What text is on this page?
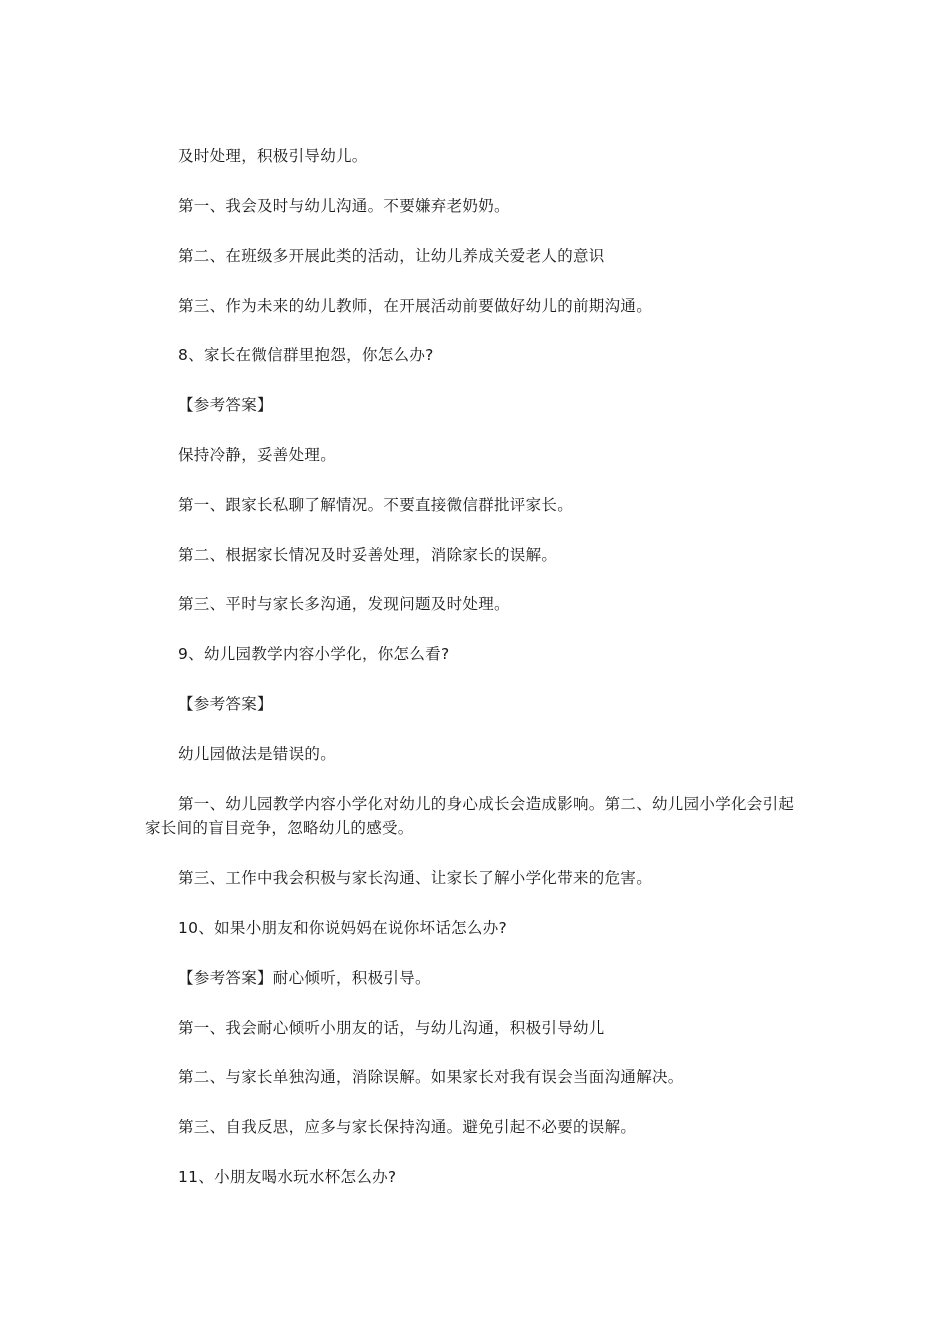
及时处理，积极引导幼儿。

第一、我会及时与幼儿沟通。不要嫌弃老奶奶。

第二、在班级多开展此类的活动，让幼儿养成关爱老人的意识

第三、作为未来的幼儿教师，在开展活动前要做好幼儿的前期沟通。

8、家长在微信群里抱怨，你怎么办?

【参考答案】

保持冷静，妥善处理。

第一、跟家长私聊了解情况。不要直接微信群批评家长。

第二、根据家长情况及时妥善处理，消除家长的误解。

第三、平时与家长多沟通，发现问题及时处理。

9、幼儿园教学内容小学化，你怎么看?

【参考答案】

幼儿园做法是错误的。

第一、幼儿园教学内容小学化对幼儿的身心成长会造成影响。第二、幼儿园小学化会引起家长间的盲目竞争，忽略幼儿的感受。

第三、工作中我会积极与家长沟通、让家长了解小学化带来的危害。

10、如果小朋友和你说妈妈在说你坏话怎么办?

【参考答案】耐心倾听，积极引导。

第一、我会耐心倾听小朋友的话，与幼儿沟通，积极引导幼儿

第二、与家长单独沟通，消除误解。如果家长对我有误会当面沟通解决。

第三、自我反思，应多与家长保持沟通。避免引起不必要的误解。

11、小朋友喝水玩水杯怎么办?
